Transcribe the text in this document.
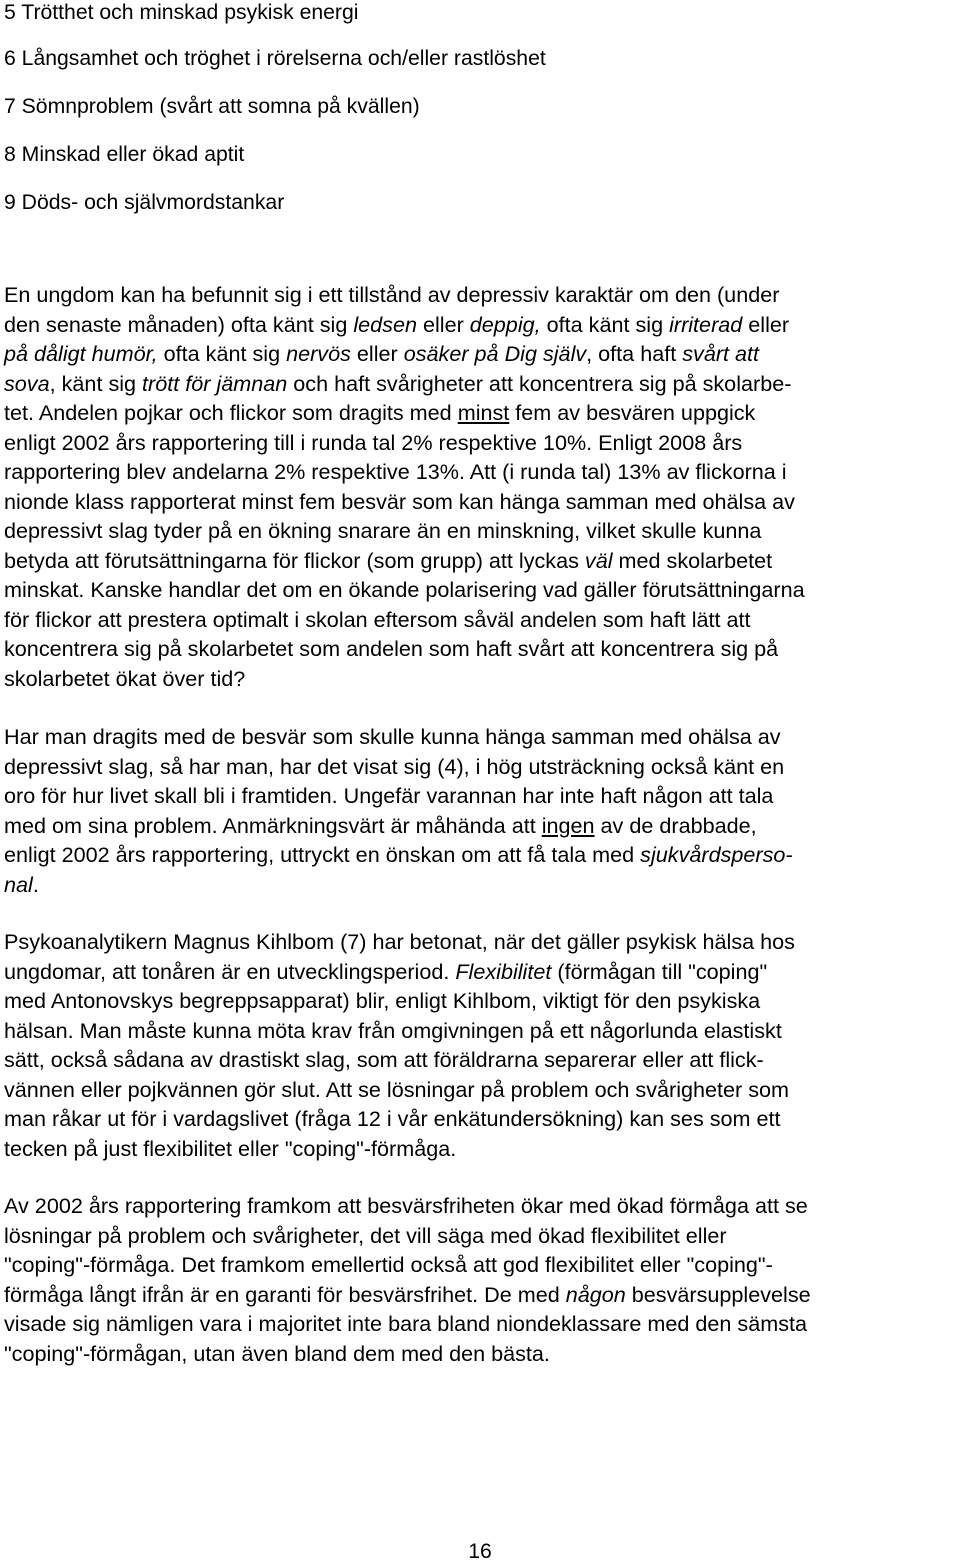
5 Trötthet och minskad psykisk energi
6 Långsamhet och tröghet i rörelserna och/eller rastlöshet
7 Sömnproblem (svårt att somna på kvällen)
8 Minskad eller ökad aptit
9 Döds- och självmordstankar
En ungdom kan ha befunnit sig i ett tillstånd av depressiv karaktär om den (under
den senaste månaden) ofta känt sig ledsen eller deppig, ofta känt sig irriterad eller
på dåligt humör, ofta känt sig nervös eller osäker på Dig själv, ofta haft svårt att
sova, känt sig trött för jämnan och haft svårigheter att koncentrera sig på skolarbe-
tet. Andelen pojkar och flickor som dragits med minst fem av besvären uppgick
enligt 2002 års rapportering till i runda tal 2% respektive 10%. Enligt 2008 års
rapportering blev andelarna 2% respektive 13%. Att (i runda tal) 13% av flickorna i
nionde klass rapporterat minst fem besvär som kan hänga samman med ohälsa av
depressivt slag tyder på en ökning snarare än en minskning, vilket skulle kunna
betyda att förutsättningarna för flickor (som grupp) att lyckas väl med skolarbetet
minskat. Kanske handlar det om en ökande polarisering vad gäller förutsättningarna
för flickor att prestera optimalt i skolan eftersom såväl andelen som haft lätt att
koncentrera sig på skolarbetet som andelen som haft svårt att koncentrera sig på
skolarbetet ökat över tid?
Har man dragits med de besvär som skulle kunna hänga samman med ohälsa av
depressivt slag, så har man, har det visat sig (4), i hög utsträckning också känt en
oro för hur livet skall bli i framtiden. Ungefär varannan har inte haft någon att tala
med om sina problem. Anmärkningsvärt är måhända att ingen av de drabbade,
enligt 2002 års rapportering, uttryckt en önskan om att få tala med sjukvårdsperso-
nal.
Psykoanalytikern Magnus Kihlbom (7) har betonat, när det gäller psykisk hälsa hos
ungdomar, att tonåren är en utvecklingsperiod. Flexibilitet (förmågan till "coping"
med Antonovskys begreppsapparat) blir, enligt Kihlbom, viktigt för den psykiska
hälsan. Man måste kunna möta krav från omgivningen på ett någorlunda elastiskt
sätt, också sådana av drastiskt slag, som att föräldrarna separerar eller att flick-
vännen eller pojkvännen gör slut. Att se lösningar på problem och svårigheter som
man råkar ut för i vardagslivet (fråga 12 i vår enkätundersökning) kan ses som ett
tecken på just flexibilitet eller "coping"-förmåga.
Av 2002 års rapportering framkom att besvärsfriheten ökar med ökad förmåga att se
lösningar på problem och svårigheter, det vill säga med ökad flexibilitet eller
"coping"-förmåga. Det framkom emellertid också att god flexibilitet eller "coping"-
förmåga långt ifrån är en garanti för besvärsfrihet. De med någon besvärsupplevelse
visade sig nämligen vara i majoritet inte bara bland niondeklassare med den sämsta
"coping"-förmågan, utan även bland dem med den bästa.
16
